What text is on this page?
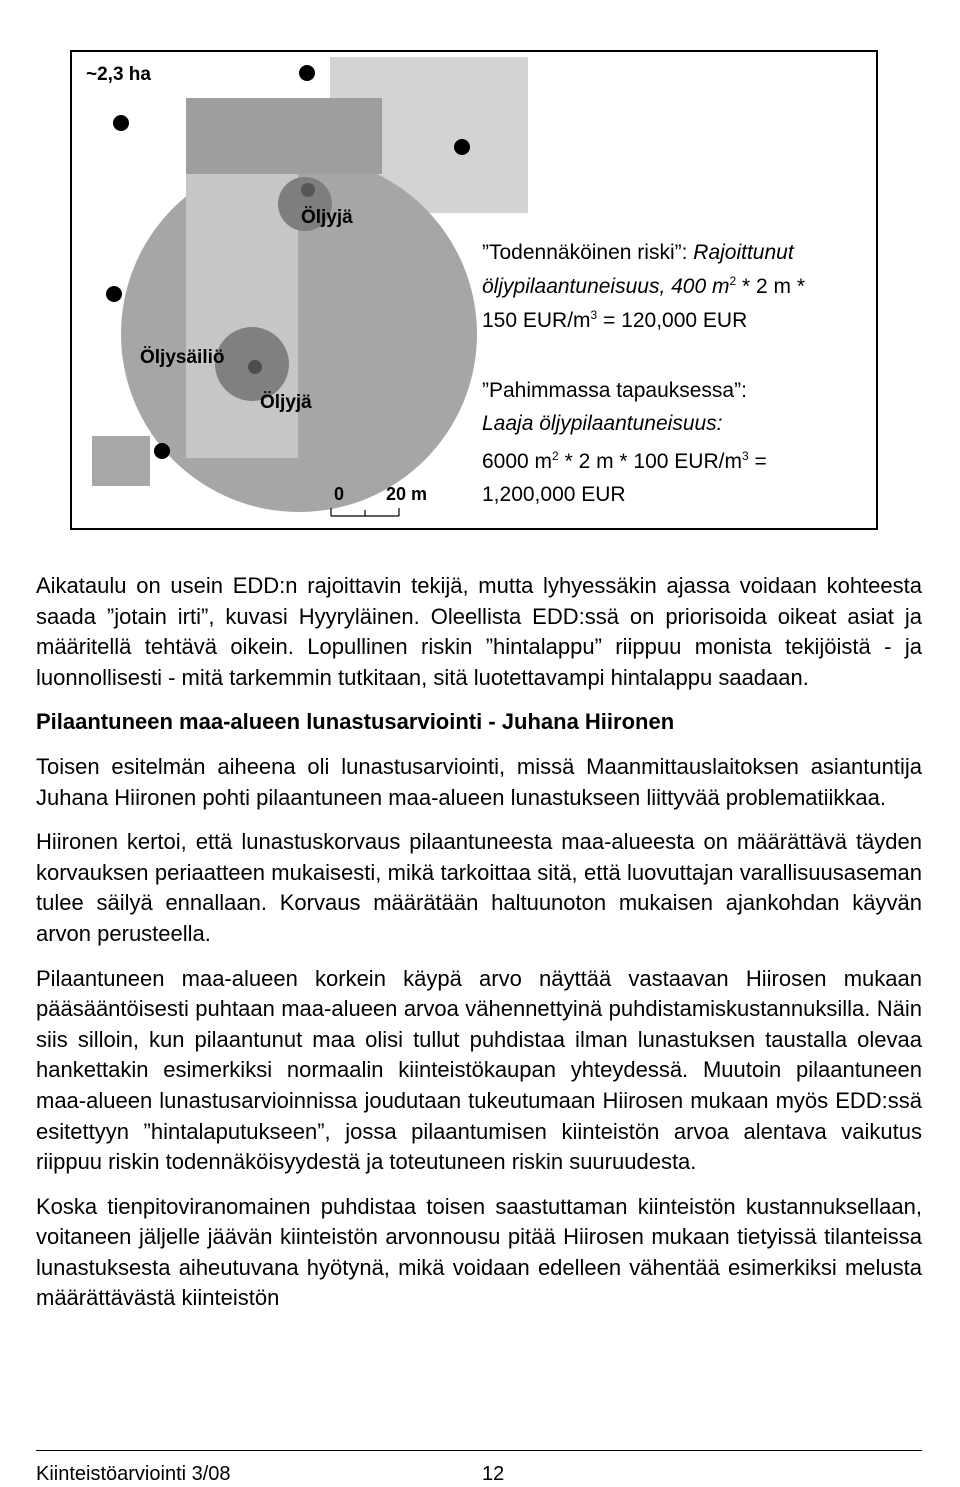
~2,3 ha
Öljyjä
Öljysäiliö
Öljyjä
0 20 m
”Todennäköinen riski”: Rajoittunut
öljypilaantuneisuus, 400 $m^2 * 2$ m *
150 EUR/$m^3 = 120,000$ EUR
”Pahimmassa tapauksessa”:
Laaja öljypilaantuneisuus:
6000 $m^2 * 2$ m * 100 EUR/$m^3$ =
1,200,000 EUR

Aikataulu on usein EDD:n rajoittavin tekijä, mutta lyhyessäkin ajassa voidaan kohteesta saada ”jotain irti”, kuvasi Hyyryläinen. Oleellista EDD:ssä on priorisoida oikeat asiat ja määritellä tehtävä oikein. Lopullinen riskin ”hintalappu” riippuu monista tekijöistä - ja luonnollisesti - mitä tarkemmin tutkitaan, sitä luotettavampi hintalappu saadaan.

Pilaantuneen maa-alueen lunastusarviointi - Juhana Hiironen

Toisen esitelmän aiheena oli lunastusarviointi, missä Maanmittauslaitoksen asiantuntija Juhana Hiironen pohti pilaantuneen maa-alueen lunastukseen liittyvää problematiikkaa.

Hiironen kertoi, että lunastuskorvaus pilaantuneesta maa-alueesta on määrättävä täyden korvauksen periaatteen mukaisesti, mikä tarkoittaa sitä, että luovuttajan varallisuusaseman tulee säilyä ennallaan. Korvaus määrätään haltuunoton mukaisen ajankohdan käyvän arvon perusteella.

Pilaantuneen maa-alueen korkein käypä arvo näyttää vastaavan Hiirosen mukaan pääsääntöisesti puhtaan maa-alueen arvoa vähennettyinä puhdistamiskustannuksilla. Näin siis silloin, kun pilaantunut maa olisi tullut puhdistaa ilman lunastuksen taustalla olevaa hankettakin esimerkiksi normaalin kiinteistökaupan yhteydessä. Muutoin pilaantuneen maa-alueen lunastusarvioinnissa joudutaan tukeutumaan Hiirosen mukaan myös EDD:ssä esitettyyn ”hintalaputukseen”, jossa pilaantumisen kiinteistön arvoa alentava vaikutus riippuu riskin todennäköisyydestä ja toteutuneen riskin suuruudesta.

Koska tienpitoviranomainen puhdistaa toisen saastuttaman kiinteistön kustannuksellaan, voitaneen jäljelle jäävän kiinteistön arvonnousu pitää Hiirosen mukaan tietyissä tilanteissa lunastuksesta aiheutuvana hyötynä, mikä voidaan edelleen vähentää esimerkiksi melusta määrättävästä kiinteistön

Kiinteistöarviointi 3/08	12
